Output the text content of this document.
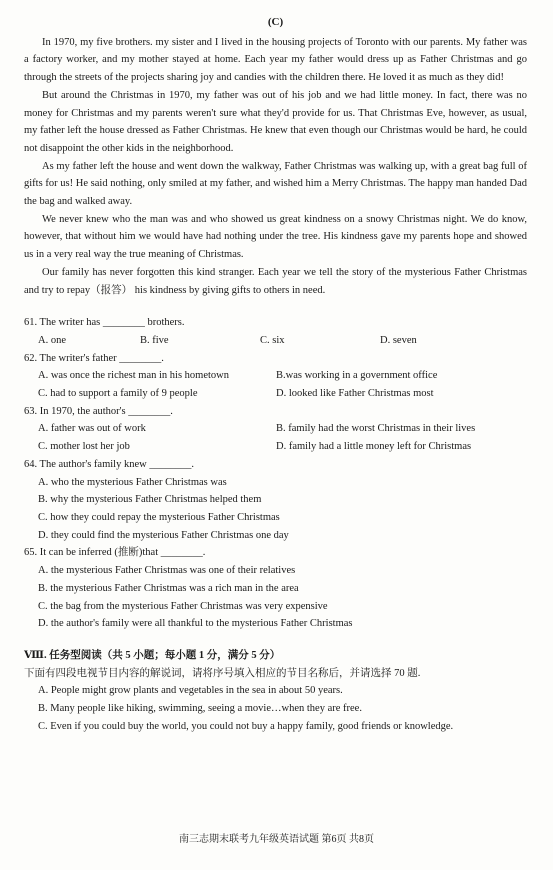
(C)

In 1970, my five brothers. my sister and I lived in the housing projects of Toronto with our parents. My father was a factory worker, and my mother stayed at home. Each year my father would dress up as Father Christmas and go through the streets of the projects sharing joy and candies with the children there. He loved it as much as they did!

But around the Christmas in 1970, my father was out of his job and we had little money. In fact, there was no money for Christmas and my parents weren't sure what they'd provide for us. That Christmas Eve, however, as usual, my father left the house dressed as Father Christmas. He knew that even though our Christmas would be hard, he could not disappoint the other kids in the neighborhood.

As my father left the house and went down the walkway, Father Christmas was walking up, with a great bag full of gifts for us! He said nothing, only smiled at my father, and wished him a Merry Christmas. The happy man handed Dad the bag and walked away.

We never knew who the man was and who showed us great kindness on a snowy Christmas night. We do know, however, that without him we would have had nothing under the tree. His kindness gave my parents hope and showed us in a very real way the true meaning of Christmas.

Our family has never forgotten this kind stranger. Each year we tell the story of the mysterious Father Christmas and try to repay（报答） his kindness by giving gifts to others in need.

61. The writer has ________ brothers.

A. one	B. five	C. six	D. seven

62. The writer's father ________.

A. was once the richest man in his hometown	B.was working in a government office
C. had to support a family of 9 people	D. looked like Father Christmas most

63. In 1970, the author's ________.

A. father was out of work	B. family had the worst Christmas in their lives
C. mother lost her job	D. family had a little money left for Christmas

64. The author's family knew ________.

A. who the mysterious Father Christmas was
B. why the mysterious Father Christmas helped them
C. how they could repay the mysterious Father Christmas
D. they could find the mysterious Father Christmas one day

65. It can be inferred (推断)that ________.

A. the mysterious Father Christmas was one of their relatives
B. the mysterious Father Christmas was a rich man in the area
C. the bag from the mysterious Father Christmas was very expensive
D. the author's family were all thankful to the mysterious Father Christmas

Ⅷ. 任务型阅读（共 5 小题；每小题 1 分，满分 5 分）

下面有四段电视节目内容的解说词，请将序号填入相应的节目名称后，并请选择 70 题.

A. People might grow plants and vegetables in the sea in about 50 years.

B. Many people like hiking, swimming, seeing a movie…when they are free.

C. Even if you could buy the world, you could not buy a happy family, good friends or knowledge.

南三志期末联考九年级英语试题 第6页 共8页
